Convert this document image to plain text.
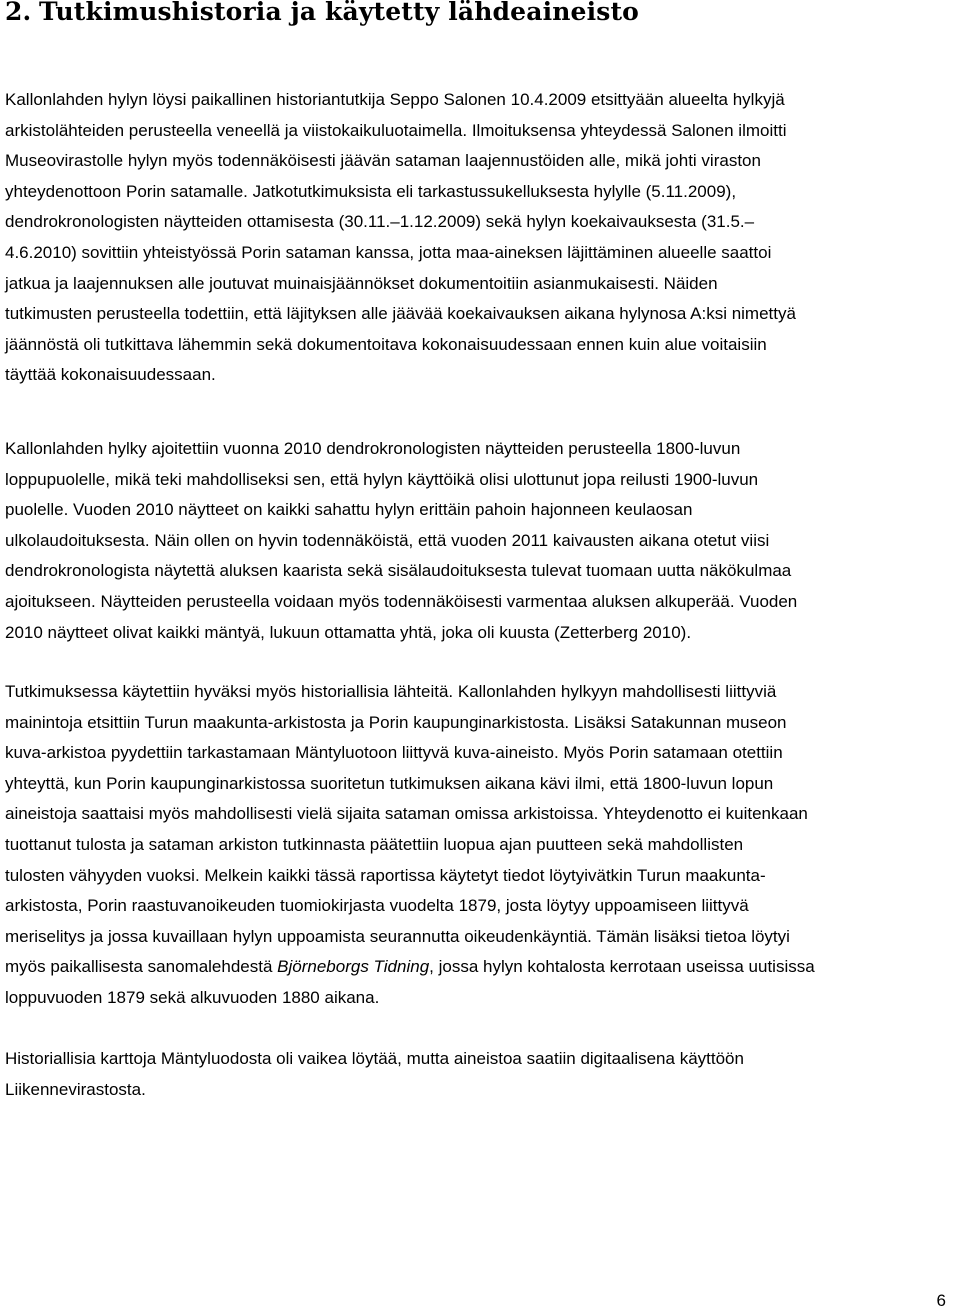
2. Tutkimushistoria ja käytetty lähdeaineisto

Kallonlahden hylyn löysi paikallinen historiantutkija Seppo Salonen 10.4.2009 etsittyään alueelta hylkyjä
arkistolähteiden perusteella veneellä ja viistokaikuluotaimella. Ilmoituksensa yhteydessä Salonen ilmoitti
Museovirastolle hylyn myös todennäköisesti jäävän sataman laajennustöiden alle, mikä johti viraston
yhteydenottoon Porin satamalle. Jatkotutkimuksista eli tarkastussukelluksesta hylylle (5.11.2009),
dendrokronologisten näytteiden ottamisesta (30.11.–1.12.2009) sekä hylyn koekaivauksesta (31.5.–
4.6.2010) sovittiin yhteistyössä Porin sataman kanssa, jotta maa-aineksen läjittäminen alueelle saattoi
jatkua ja laajennuksen alle joutuvat muinaisjäännökset dokumentoitiin asianmukaisesti. Näiden
tutkimusten perusteella todettiin, että läjityksen alle jäävää koekaivauksen aikana hylynosa A:ksi nimettyä
jäännöstä oli tutkittava lähemmin sekä dokumentoitava kokonaisuudessaan ennen kuin alue voitaisiin
täyttää kokonaisuudessaan.

Kallonlahden hylky ajoitettiin vuonna 2010 dendrokronologisten näytteiden perusteella 1800-luvun
loppupuolelle, mikä teki mahdolliseksi sen, että hylyn käyttöikä olisi ulottunut jopa reilusti 1900-luvun
puolelle. Vuoden 2010 näytteet on kaikki sahattu hylyn erittäin pahoin hajonneen keulaosan
ulkolaudoituksesta. Näin ollen on hyvin todennäköistä, että vuoden 2011 kaivausten aikana otetut viisi
dendrokronologista näytettä aluksen kaarista sekä sisälaudoituksesta tulevat tuomaan uutta näkökulmaa
ajoitukseen. Näytteiden perusteella voidaan myös todennäköisesti varmentaa aluksen alkuperää. Vuoden
2010 näytteet olivat kaikki mäntyä, lukuun ottamatta yhtä, joka oli kuusta (Zetterberg 2010).

Tutkimuksessa käytettiin hyväksi myös historiallisia lähteitä. Kallonlahden hylkyyn mahdollisesti liittyviä
mainintoja etsittiin Turun maakunta-arkistosta ja Porin kaupunginarkistosta. Lisäksi Satakunnan museon
kuva-arkistoa pyydettiin tarkastamaan Mäntyluotoon liittyvä kuva-aineisto. Myös Porin satamaan otettiin
yhteyttä, kun Porin kaupunginarkistossa suoritetun tutkimuksen aikana kävi ilmi, että 1800-luvun lopun
aineistoja saattaisi myös mahdollisesti vielä sijaita sataman omissa arkistoissa. Yhteydenotto ei kuitenkaan
tuottanut tulosta ja sataman arkiston tutkinnasta päätettiin luopua ajan puutteen sekä mahdollisten
tulosten vähyyden vuoksi. Melkein kaikki tässä raportissa käytetyt tiedot löytyivätkin Turun maakunta-
arkistosta, Porin raastuvanoikeuden tuomiokirjasta vuodelta 1879, josta löytyy uppoamiseen liittyvä
meriselitys ja jossa kuvaillaan hylyn uppoamista seurannutta oikeudenkäyntiä. Tämän lisäksi tietoa löytyi
myös paikallisesta sanomalehdestä Björneborgs Tidning, jossa hylyn kohtalosta kerrotaan useissa uutisissa
loppuvuoden 1879 sekä alkuvuoden 1880 aikana.

Historiallisia karttoja Mäntyluodosta oli vaikea löytää, mutta aineistoa saatiin digitaalisena käyttöön
Liikennevirastosta.

6
